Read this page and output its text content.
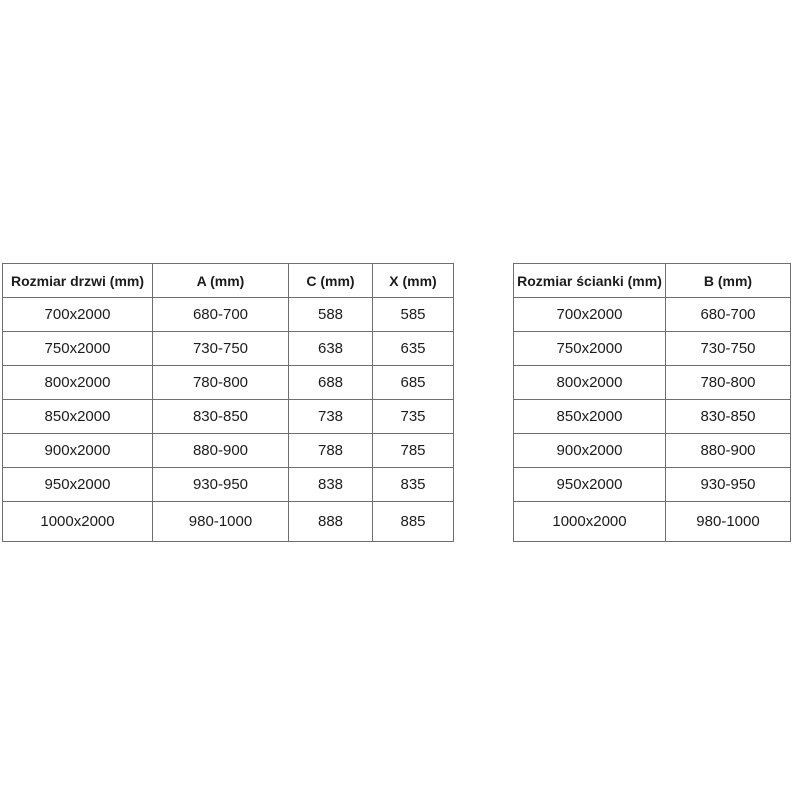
Rozmiar drzwi (mm)	A (mm)	C (mm)	X (mm)
700x2000	680-700	588	585
750x2000	730-750	638	635
800x2000	780-800	688	685
850x2000	830-850	738	735
900x2000	880-900	788	785
950x2000	930-950	838	835
1000x2000	980-1000	888	885
Rozmiar ścianki (mm)	B (mm)
700x2000	680-700
750x2000	730-750
800x2000	780-800
850x2000	830-850
900x2000	880-900
950x2000	930-950
1000x2000	980-1000
